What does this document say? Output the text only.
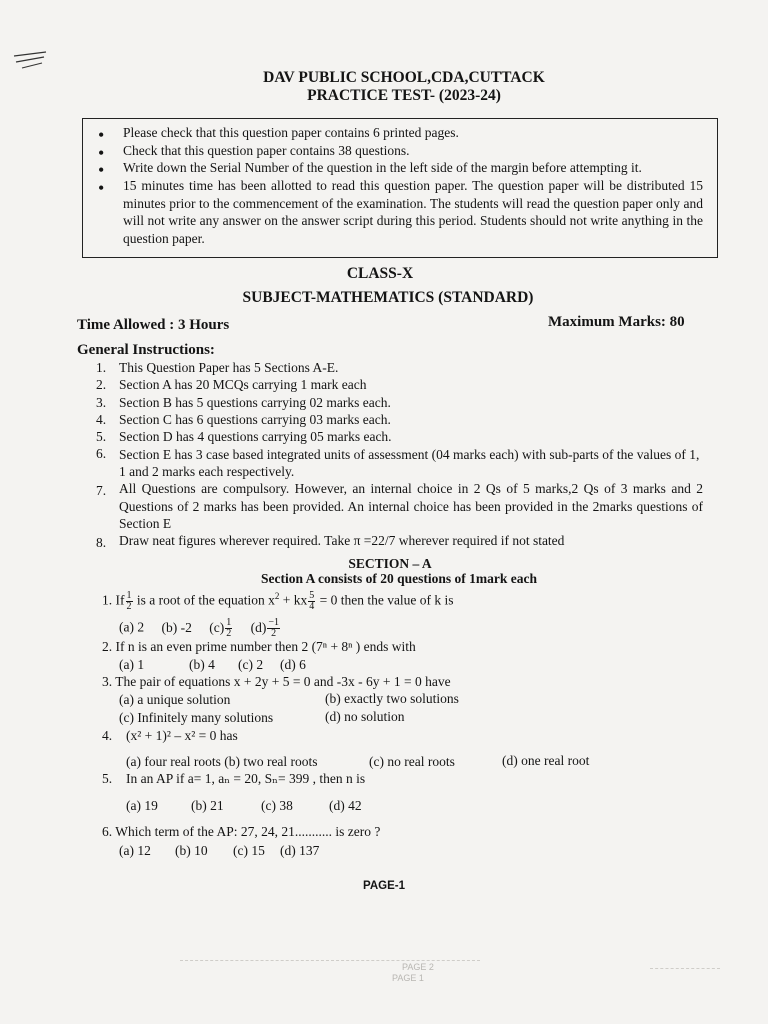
DAV PUBLIC SCHOOL,CDA,CUTTACK
PRACTICE TEST- (2023-24)
• Please check that this question paper contains 6 printed pages.
• Check that this question paper contains 38 questions.
• Write down the Serial Number of the question in the left side of the margin before attempting it.
• 15 minutes time has been allotted to read this question paper. The question paper will be distributed 15 minutes prior to the commencement of the examination. The students will read the question paper only and will not write any answer on the answer script during this period. Students should not write anything in the question paper.
CLASS-X
SUBJECT-MATHEMATICS (STANDARD)
Time Allowed : 3 Hours	Maximum Marks: 80
General Instructions:
1. This Question Paper has 5 Sections A-E.
2. Section A has 20 MCQs carrying 1 mark each
3. Section B has 5 questions carrying 02 marks each.
4. Section C has 6 questions carrying 03 marks each.
5. Section D has 4 questions carrying 05 marks each.
6. Section E has 3 case based integrated units of assessment (04 marks each) with sub-parts of the values of 1, 1 and 2 marks each respectively.
7. All Questions are compulsory. However, an internal choice in 2 Qs of 5 marks,2 Qs of 3 marks and 2 Questions of 2 marks has been provided. An internal choice has been provided in the 2marks questions of Section E
8. Draw neat figures wherever required. Take π =22/7 wherever required if not stated
SECTION – A
Section A consists of 20 questions of 1mark each
1. If $\frac{1}{2}$ is a root of the equation $x^2$ + kx $\frac{5}{4} = 0$ then the value of k is
(a) 2 (b) -2 $(c) \frac{1}{2} (d) \frac{-1}{2}$
2. If n is an even prime number then 2 (7ⁿ + 8ⁿ ) ends with
(a) 1	(b) 4 (c) 2 (d) 6
3. The pair of equations x + 2y + 5 = 0 and -3x - 6y + 1 = 0 have
(a) a unique solution	(b) exactly two solutions
(c) Infinitely many solutions	(d) no solution
4. (x² + 1)² – x² = 0 has
(a) four real roots (b) two real roots	(c) no real roots	(d) one real root
5. In an AP if a= 1, aₙ = 20, Sₙ= 399 , then n is
(a) 19 (b) 21	(c) 38	(d) 42
6. Which term of the AP: 27, 24, 21........... is zero ?
(a) 12 (b) 10 (c) 15 (d) 137
PAGE-1
PAGE 2
PAGE 1
